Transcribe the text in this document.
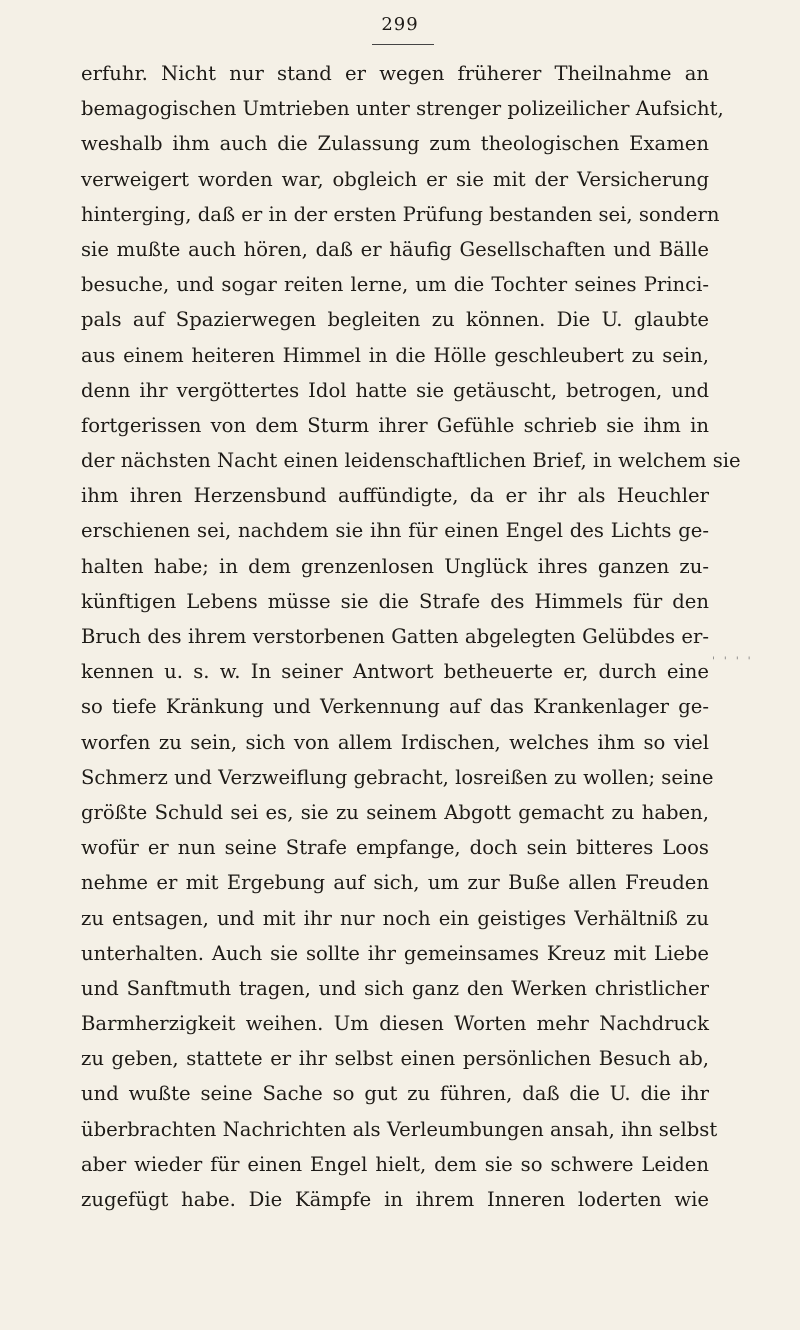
299
erfuhr. Nicht nur stand er wegen früherer Theilnahme an
bemagogischen Umtrieben unter strenger polizeilicher Aufsicht,
weshalb ihm auch die Zulassung zum theologischen Examen
verweigert worden war, obgleich er sie mit der Versicherung
hinterging, daß er in der ersten Prüfung bestanden sei, sondern
sie mußte auch hören, daß er häufig Gesellschaften und Bälle
besuche, und sogar reiten lerne, um die Tochter seines Princi-
pals auf Spazierwegen begleiten zu können. Die U. glaubte
aus einem heiteren Himmel in die Hölle geschleubert zu sein,
denn ihr vergöttertes Idol hatte sie getäuscht, betrogen, und
fortgerissen von dem Sturm ihrer Gefühle schrieb sie ihm in
der nächsten Nacht einen leidenschaftlichen Brief, in welchem sie
ihm ihren Herzensbund auffündigte, da er ihr als Heuchler
erschienen sei, nachdem sie ihn für einen Engel des Lichts ge-
halten habe; in dem grenzenlosen Unglück ihres ganzen zu-
künftigen Lebens müsse sie die Strafe des Himmels für den
Bruch des ihrem verstorbenen Gatten abgelegten Gelübdes er-
kennen u. s. w. In seiner Antwort betheuerte er, durch eine
so tiefe Kränkung und Verkennung auf das Krankenlager ge-
worfen zu sein, sich von allem Irdischen, welches ihm so viel
Schmerz und Verzweiflung gebracht, losreißen zu wollen; seine
größte Schuld sei es, sie zu seinem Abgott gemacht zu haben,
wofür er nun seine Strafe empfange, doch sein bitteres Loos
nehme er mit Ergebung auf sich, um zur Buße allen Freuden
zu entsagen, und mit ihr nur noch ein geistiges Verhältniß zu
unterhalten. Auch sie sollte ihr gemeinsames Kreuz mit Liebe
und Sanftmuth tragen, und sich ganz den Werken christlicher
Barmherzigkeit weihen. Um diesen Worten mehr Nachdruck
zu geben, stattete er ihr selbst einen persönlichen Besuch ab,
und wußte seine Sache so gut zu führen, daß die U. die ihr
überbrachten Nachrichten als Verleumbungen ansah, ihn selbst
aber wieder für einen Engel hielt, dem sie so schwere Leiden
zugefügt habe. Die Kämpfe in ihrem Inneren loderten wie
' ' ' '
